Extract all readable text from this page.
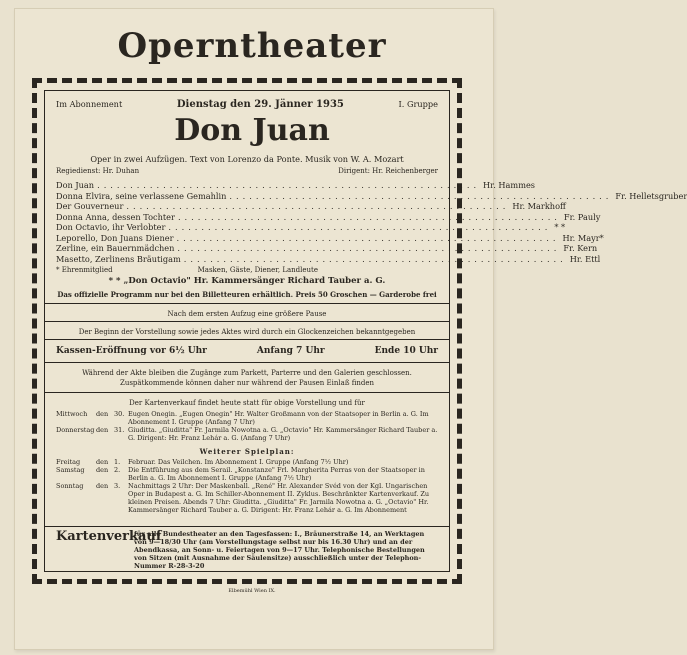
Operntheater
Im Abonnement	Dienstag den 29. Jänner 1935	I. Gruppe
Don Juan
Oper in zwei Aufzügen. Text von Lorenzo da Ponte. Musik von W. A. Mozart
Regiedienst: Hr. Duhan	Dirigent: Hr. Reichenberger
Don Juan .......................................................... Hr. Hammes
Donna Elvira, seine verlassene Gemahlin .......................................................... Fr. Helletsgruber
Der Gouverneur .......................................................... Hr. Markhoff
Donna Anna, dessen Tochter .......................................................... Fr. Pauly
Don Octavio, ihr Verlobter .......................................................... * *
Leporello, Don Juans Diener .......................................................... Hr. Mayr*
Zerline, ein Bauernmädchen .......................................................... Fr. Kern
Masetto, Zerlinens Bräutigam .......................................................... Hr. Ettl
* Ehrenmitglied	Masken, Gäste, Diener, Landleute
* * „Don Octavio" Hr. Kammersänger Richard Tauber a. G.
Das offizielle Programm nur bei den Billetteuren erhältlich. Preis 50 Groschen — Garderobe frei
Nach dem ersten Aufzug eine größere Pause
Der Beginn der Vorstellung sowie jedes Aktes wird durch ein Glockenzeichen bekanntgegeben
Kassen-Eröffnung vor 6½ Uhr	Anfang 7 Uhr	Ende 10 Uhr
Während der Akte bleiben die Zugänge zum Parkett, Parterre und den Galerien geschlossen. Zuspätkommende können daher nur während der Pausen Einlaß finden
Der Kartenverkauf findet heute statt für obige Vorstellung und für
Mittwoch	den 30. Eugen Onegin. „Eugen Onegin" Hr. Walter Großmann von der Staatsoper in Berlin a. G. Im Abonnement I. Gruppe (Anfang 7 Uhr)
Donnerstag den 31. Giuditta. „Giuditta" Fr. Jarmila Nowotna a. G. „Octavio" Hr. Kammersänger Richard Tauber a. G. Dirigent: Hr. Franz Lehár a. G. (Anfang 7 Uhr)
Weiterer Spielplan:
Freitag	den 1.	Februar. Das Veilchen. Im Abonnement I. Gruppe (Anfang 7½ Uhr)
Samstag	den 2.	Die Entführung aus dem Serail. „Konstanze" Frl. Margherita Perras von der Staatsoper in Berlin a. G. Im Abonnement I. Gruppe (Anfang 7½ Uhr)
Sonntag	den 3.	Nachmittags 2 Uhr: Der Maskenball. „René" Hr. Alexander Svéd von der Kgl. Ungarischen Oper in Budapest a. G. Im Schiller-Abonnement II. Zyklus. Beschränkter Kartenverkauf. Zu kleinen Preisen. Abends 7 Uhr: Giuditta. „Giuditta" Fr. Jarmila Nowotna a. G. „Octavio" Hr. Kammersänger Richard Tauber a. G. Dirigent: Hr. Franz Lehár a. G. Im Abonnement
Kartenverkauf
für alle Bundestheater an den Tagesfassen: I., Bräunerstraße 14, an Werktagen von 9—18/30 Uhr (am Vorstellungstage selbst nur bis 16.30 Uhr) und an der Abendkassa, an Sonn- u. Feiertagen von 9—17 Uhr. Telephonische Bestellungen von Sitzen (mit Ausnahme der Säulensitze) ausschließlich unter der Telephon-Nummer R-28-3-20
Elbemühl Wien IX.
